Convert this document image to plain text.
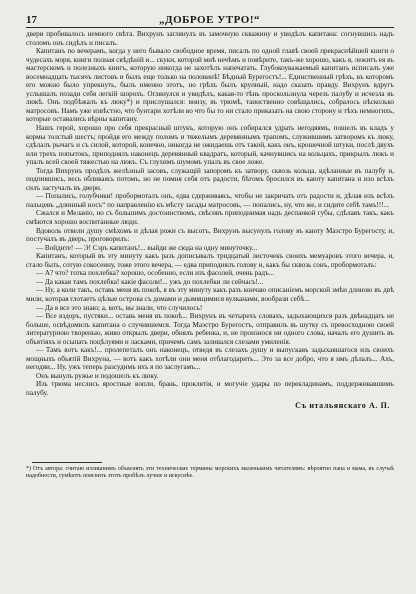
17	„ДОБРОЕ УТРО!“

двери пробивалось немного свѣта. Вихрунъ заглянулъ въ замочную скважину и увидѣлъ капитана: согнувшись надъ столомъ онъ сидѣлъ и писалъ.

Капитанъ по вечерамъ, когда у него бывало свободное время, писалъ по одной главѣ своей прекраснѣйшей книги о чудесахъ моря, книги полная свѣдѣній и... скуки, которой мнѣ нечѣмъ и повѣрите, такъ-же хорошо, какъ я, лежитъ ея въ мастерскомъ и полезныхъ книгъ, которую никогда не захотѣлъ напечатать. Глубокоуважаемый капитанъ исписалъ уже восемнадцать тысячъ листовъ и былъ еще только на половинѣ! Бѣдный Бурегостъ!... Единственный грѣхъ, въ которомъ его можно было упрекнуть, былъ именно этотъ, но грѣхъ былъ крупный, надо сказать правду. Вихрунъ вдругъ услышалъ позади себя легкій шорохъ. Оглянулся и увидѣлъ, какая-то тѣнь проскользнула черезъ палубу и исчезла въ люкѣ. Онъ подбѣжалъ къ люку*) и прислушался: внизу, въ трюмѣ, таинственно совѣщались, собралось нѣсколько матросовъ. Намъ уже извѣстно, что бунтари хотѣли во что бы то ни стало приказать на свою сторону и тѣхъ немногихъ, которые оставались вѣрны капитану.

Нашъ герой, хорошо про себя прекрасный штукъ, которую онъ собирался удрать негодяямъ, пошелъ въ кладъ у кормы толстый шестъ; пройдя его между поломъ и тяжелымъ деревяннымъ трапомъ, служившимъ затворомъ къ люку, сдѣлалъ рычагъ и съ силой, которой, конечно, никогда не ожидаешь отъ такой, какъ онъ, крошечной штуки, послѣ двухъ или трехъ попытокъ, приподнялъ наконецъ деревянный квадратъ, который, качнувшись на кольцахъ, прикрылъ люкъ и упалъ всей своей тяжестью на люкъ. Съ глухимъ шумомъ упалъ въ свое ложе.

Тогда Вихрунъ продѣлъ желѣзный засовъ, служащій запоромъ къ затвору, сквозь кольца, вдѣланные въ палубу и, подпившись, весь обливаясь потомъ, но не помня себя отъ радости, бѣгомъ бросился въ каюту капитана и изо всѣхъ силъ застучалъ въ двери.

— Попались, голубчики! пробормоталъ онъ, едва сдерживаясь, чтобы не закричать отъ радости и, дѣлая изъ всѣхъ пальцевъ „длинный носъ“ по направленію къ мѣсту засады матросовъ, — попались, ну, что же, и сидите себѣ тамъ!!!...

Сжался и Меланіо, но съ большимъ достоинствомъ, свѣсивъ приподнимая надъ деспанкой губы, сдѣлавъ такъ, какъ смѣются хорошо воспитанные люди.

Вдоволь отвели душу смѣхомъ и дѣлая рожи съ высотъ, Вихрунъ высунулъ голову въ каюту Маэстро Бурегосту, и, постучалъ въ дверь, проговорилъ:

— Войдите! — Э! Сэръ капитанъ!... выйди же сюда на одну минуточку...

Капитанъ, который въ эту минуту какъ разъ дописывалъ тридцатый листочекъ своихъ мемуаровъ этого вечера, и, стало быть, сотую сокосеину, тоже этого вечера, — едва приподнялъ голову и, какъ бы сквозь сонъ, пробормоталъ:

— А? что? тотка похлебка? хорошо, особенно, если изъ фасолей, очень радъ...

— Да какая тамъ похлебка! какіе фасоли!... ужъ до похлебки ли сейчасъ!...

— Ну, а коли такъ, оставь меня въ покоѣ, я въ эту минуту какъ разъ кончаю описаніемъ морской змѣи длиною въ двѣ мили, которая глотаетъ цѣлые острова съ домами и дымящимися вулканами, вообрази себѣ...

— Да я все это знаю; а, вотъ, вы знали, что случилось!

— Все вздоръ, пустяки... оставь меня въ покоѣ... Вихрунъ въ четырехъ словахъ, задыхающихся разъ двѣнадцать не больше, освѣдомилъ капитана о случившемся. Тогда Маэстро Бурегостъ, отправилъ въ шутку съ превосходною своей литературною творенью, живо открылъ двери, обнялъ ребенка, и, не произнося ни одного слова, началъ его душить въ объятіяхъ и осыпать поцѣлуями и ласками, причемъ самъ заливался слезами умиленія.

— Тамъ вотъ какъ!... пролепеталъ онъ наконецъ, отведя въ слезахъ душу и выпускавъ задыхавшагося изъ своихъ мощныхъ объятій Вихруна, — вотъ какъ хотѣли они меня отблагодарить... Это за все добро, что я имъ дѣлалъ... Ахъ, негодяи... Ну, ужъ теперь разсудимъ ихъ я по заслугамъ...

Онъ вынулъ ружье и подошелъ къ люку.

Изъ трюма неслись яростные вопли, брань, проклятія, и могучіе удары по перекладинамъ, поддерживавшимъ палубу.

Съ итальянскаго А. П.
*) Отъ автора: считаю излишнимъ объяснять эти технические термины морскихъ маленькимъ читателямъ: вѣроятно папа и мама, въ случаѣ надобности, сумѣютъ пояснить этотъ пробѣлъ лучше и искуснѣе.
